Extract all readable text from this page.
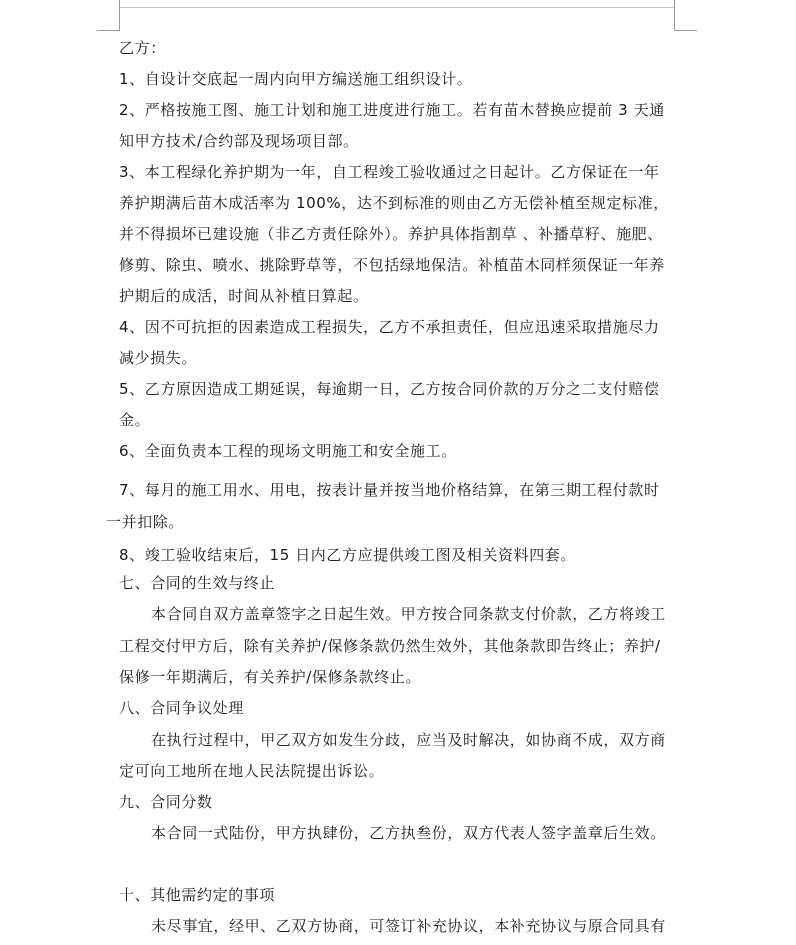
乙方：
1、自设计交底起一周内向甲方编送施工组织设计。
2、严格按施工图、施工计划和施工进度进行施工。若有苗木替换应提前 3 天通
知甲方技术/合约部及现场项目部。
3、本工程绿化养护期为一年，自工程竣工验收通过之日起计。乙方保证在一年
养护期满后苗木成活率为 100%，达不到标准的则由乙方无偿补植至规定标准，
并不得损坏已建设施（非乙方责任除外）。养护具体指割草 、补播草籽、施肥、
修剪、除虫、喷水、挑除野草等，不包括绿地保洁。补植苗木同样须保证一年养
护期后的成活，时间从补植日算起。
4、因不可抗拒的因素造成工程损失，乙方不承担责任，但应迅速采取措施尽力
减少损失。
5、乙方原因造成工期延误，每逾期一日，乙方按合同价款的万分之二支付赔偿
金。
6、全面负责本工程的现场文明施工和安全施工。
7、每月的施工用水、用电，按表计量并按当地价格结算，在第三期工程付款时
一并扣除。
8、竣工验收结束后，15 日内乙方应提供竣工图及相关资料四套。
七、合同的生效与终止
本合同自双方盖章签字之日起生效。甲方按合同条款支付价款，乙方将竣工
工程交付甲方后，除有关养护/保修条款仍然生效外，其他条款即告终止；养护/
保修一年期满后，有关养护/保修条款终止。
八、合同争议处理
在执行过程中，甲乙双方如发生分歧，应当及时解决，如协商不成，双方商
定可向工地所在地人民法院提出诉讼。
九、合同分数
本合同一式陆份，甲方执肆份，乙方执叁份，双方代表人签字盖章后生效。
十、其他需约定的事项
未尽事宜，经甲、乙双方协商，可签订补充协议，本补充协议与原合同具有
